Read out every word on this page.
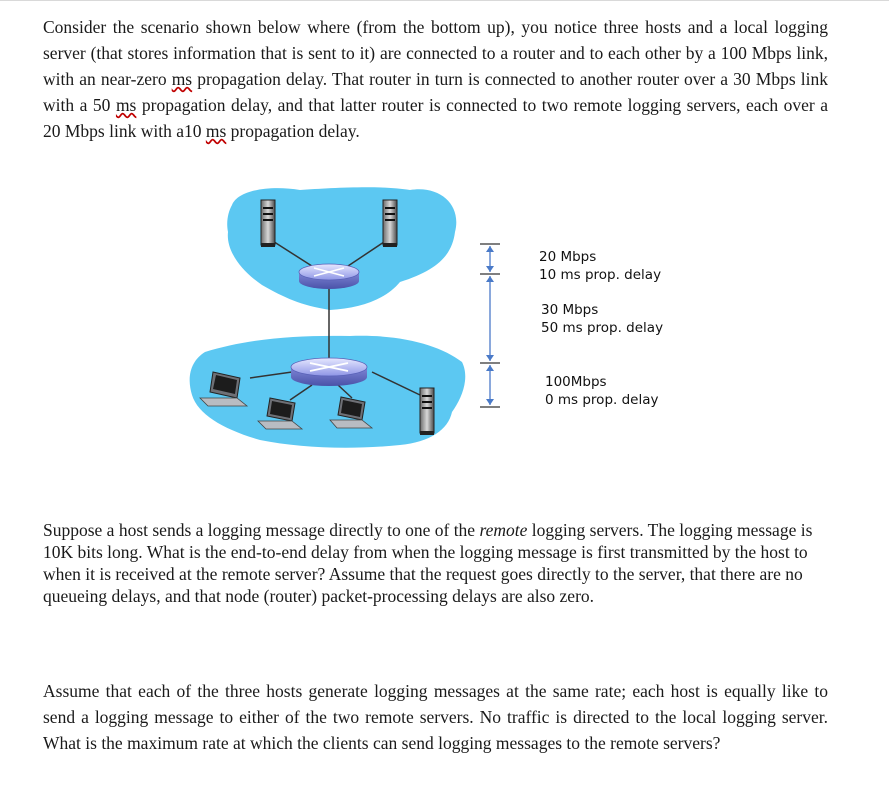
Consider the scenario shown below where (from the bottom up), you notice three hosts and a local logging server (that stores information that is sent to it) are connected to a router and to each other by a 100 Mbps link, with an near-zero ms propagation delay. That router in turn is connected to another router over a 30 Mbps link with a 50 ms propagation delay, and that latter router is connected to two remote logging servers, each over a 20 Mbps link with a10 ms propagation delay.

20 Mbps
10 ms prop. delay
30 Mbps
50 ms prop. delay
100Mbps
0 ms prop. delay

Suppose a host sends a logging message directly to one of the remote logging servers. The logging message is 10K bits long. What is the end-to-end delay from when the logging message is first transmitted by the host to when it is received at the remote server? Assume that the request goes directly to the server, that there are no queueing delays, and that node (router) packet-processing delays are also zero.

Assume that each of the three hosts generate logging messages at the same rate; each host is equally like to send a logging message to either of the two remote servers. No traffic is directed to the local logging server. What is the maximum rate at which the clients can send logging messages to the remote servers?
